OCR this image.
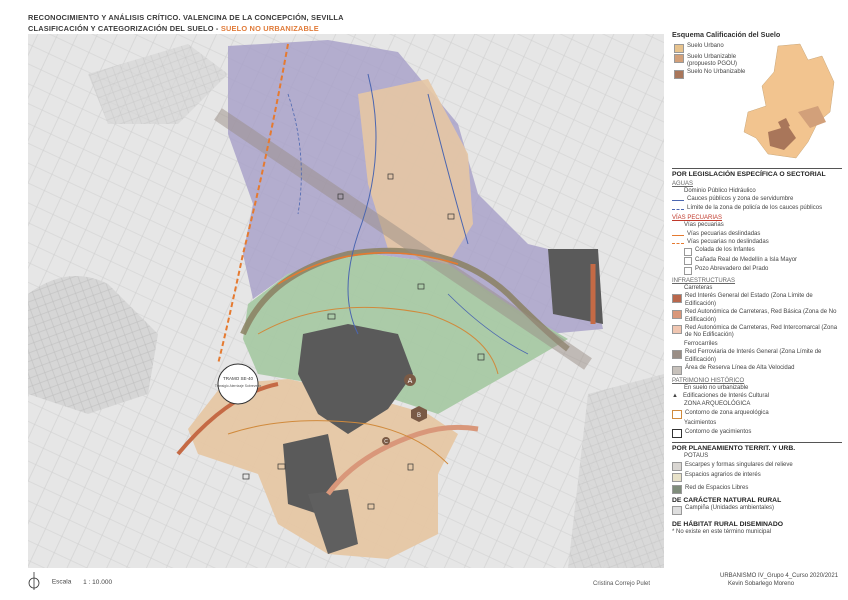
RECONOCIMIENTO Y ANÁLISIS CRÍTICO. VALENCINA DE LA CONCEPCIÓN, SEVILLA
CLASIFICACIÓN Y CATEGORIZACIÓN DEL SUELO - SUELO NO URBANIZABLE
A
B
C
TRAMO SE-40
Transiglo Aterrizaje Sobrevenir
Esquema Calificación del Suelo
Suelo Urbano
Suelo Urbanizable (propuesto PGOU)
Suelo No Urbanizable
POR LEGISLACIÓN ESPECÍFICA O SECTORIAL
AGUAS
Dominio Público Hidráulico
Cauces públicos y zona de servidumbre
Límite de la zona de policía de los cauces públicos
VÍAS PECUARIAS
Vías pecuarias
Vías pecuarias deslindadas
Vías pecuarias no deslindadas
Colada de los Infantes
Cañada Real de Medellín a Isla Mayor
Pozo Abrevadero del Prado
INFRAESTRUCTURAS
Carreteras
Red Interés General del Estado (Zona Límite de Edificación)
Red Autonómica de Carreteras, Red Básica (Zona de No Edificación)
Red Autonómica de Carreteras, Red Intercomarcal (Zona de No Edificación)
Ferrocarriles
Red Ferroviaria de Interés General (Zona Límite de Edificación)
Área de Reserva Línea de Alta Velocidad
PATRIMONIO HISTÓRICO
En suelo no urbanizable
▲ Edificaciones de Interés Cultural
ZONA ARQUEOLÓGICA
Contorno de zona arqueológica
Yacimientos
Contorno de yacimientos
POR PLANEAMIENTO TERRIT. Y URB.
POTAUS
Escarpes y formas singulares del relieve
Espacios agrarios de interés
Red de Espacios Libres
DE CARÁCTER NATURAL RURAL
Campiña (Unidades ambientales)
DE HÁBITAT RURAL DISEMINADO
* No existe en este término municipal
Escala 1 : 10.000	Cristina Correjo Pulet
URBANISMO IV_Grupo 4_Curso 2020/2021
Kevin Sobarlego Moreno
